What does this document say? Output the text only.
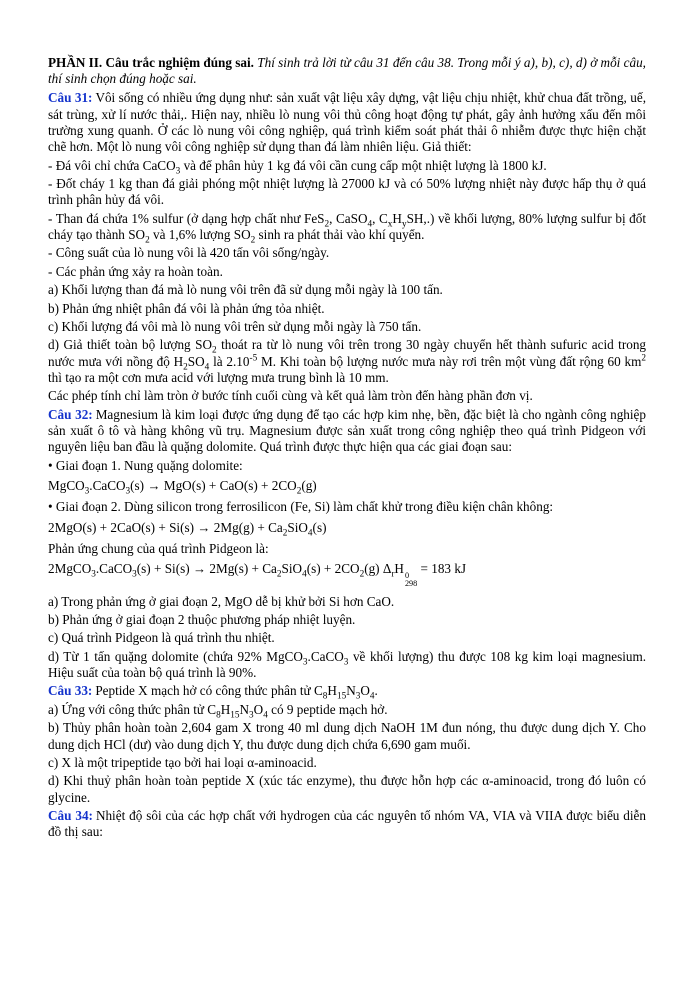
PHẦN II. Câu trắc nghiệm đúng sai. Thí sinh trả lời từ câu 31 đến câu 38. Trong mỗi ý a), b), c), d) ở mỗi câu, thí sinh chọn đúng hoặc sai.

Câu 31: Vôi sống có nhiều ứng dụng như: sản xuất vật liệu xây dựng, vật liệu chịu nhiệt, khử chua đất trồng, uế, sát trùng, xử lí nước thải,. Hiện nay, nhiều lò nung vôi thủ công hoạt động tự phát, gây ảnh hưởng xấu đến môi trường xung quanh. Ở các lò nung vôi công nghiệp, quá trình kiểm soát phát thải ô nhiễm được thực hiện chặt chẽ hơn. Một lò nung vôi công nghiệp sử dụng than đá làm nhiên liệu. Giả thiết:

- Đá vôi chỉ chứa CaCO$_3$ và để phân hủy 1 kg đá vôi cần cung cấp một nhiệt lượng là 1800 kJ.

- Đốt cháy 1 kg than đá giải phóng một nhiệt lượng là 27000 kJ và có 50% lượng nhiệt này được hấp thụ ở quá trình phân hủy đá vôi.

- Than đá chứa 1% sulfur (ở dạng hợp chất như FeS$_2$, CaSO$_4$, $C_xH_ySH$,.) về khối lượng, 80% lượng sulfur bị đốt cháy tạo thành $SO_2$ và 1,6% lượng $SO_2$ sinh ra phát thải vào khí quyển.

- Công suất của lò nung vôi là 420 tấn vôi sống/ngày.

- Các phản ứng xảy ra hoàn toàn.

a) Khối lượng than đá mà lò nung vôi trên đã sử dụng mỗi ngày là 100 tấn.

b) Phản ứng nhiệt phân đá vôi là phản ứng tỏa nhiệt.

c) Khối lượng đá vôi mà lò nung vôi trên sử dụng mỗi ngày là 750 tấn.

d) Giả thiết toàn bộ lượng $SO_2$ thoát ra từ lò nung vôi trên trong 30 ngày chuyển hết thành sufuric acid trong nước mưa với nồng độ $H_2SO_4$ là $2.10^{-5}$ M. Khi toàn bộ lượng nước mưa này rơi trên một vùng đất rộng 60 $km^2$ thì tạo ra một cơn mưa acid với lượng mưa trung bình là 10 mm.

Các phép tính chỉ làm tròn ở bước tính cuối cùng và kết quả làm tròn đến hàng phần đơn vị.

Câu 32: Magnesium là kim loại được ứng dụng để tạo các hợp kim nhẹ, bền, đặc biệt là cho ngành công nghiệp sản xuất ô tô và hàng không vũ trụ. Magnesium được sản xuất trong công nghiệp theo quá trình Pidgeon với nguyên liệu ban đầu là quặng dolomite. Quá trình được thực hiện qua các giai đoạn sau:

• Giai đoạn 1. Nung quặng dolomite:

MgCO$_3$.CaCO$_3$(s) → $MgO(s) + CaO(s) + 2CO_2(g)$

• Giai đoạn 2. Dùng silicon trong ferrosilicon (Fe, Si) làm chất khử trong điều kiện chân không:

$2MgO(s) + 2CaO(s) + Si(s) \to 2Mg(g) + Ca_2SiO_4(s)$

Phản ứng chung của quá trình Pidgeon là:

2MgCO$_3$.CaCO$_3$(s) + $Si(s) \to 2Mg(s) + Ca_2SiO_4(s) + 2CO_2(g)$ $\Delta_rH$ 0
298
= 183 kJ

a) Trong phản ứng ở giai đoạn 2, MgO dễ bị khử bởi Si hơn CaO.

b) Phản ứng ở giai đoạn 2 thuộc phương pháp nhiệt luyện.

c) Quá trình Pidgeon là quá trình thu nhiệt.

d) Từ 1 tấn quặng dolomite (chứa 92% MgCO$_3$.CaCO$_3$ về khối lượng) thu được 108 kg kim loại magnesium. Hiệu suất của toàn bộ quá trình là 90%.

Câu 33: Peptide X mạch hở có công thức phân tử $C_8H_{15}N_3O_4$.

a) Ứng với công thức phân tử $C_8H_{15}N_3O_4$ có 9 peptide mạch hở.

b) Thủy phân hoàn toàn 2,604 gam X trong 40 ml dung dịch NaOH 1M đun nóng, thu được dung dịch Y. Cho dung dịch HCl (dư) vào dung dịch Y, thu được dung dịch chứa 6,690 gam muối.

c) X là một tripeptide tạo bởi hai loại α-aminoacid.

d) Khi thuỷ phân hoàn toàn peptide X (xúc tác enzyme), thu được hỗn hợp các α-aminoacid, trong đó luôn có glycine.

Câu 34: Nhiệt độ sôi của các hợp chất với hydrogen của các nguyên tố nhóm VA, VIA và VIIA được biểu diễn đồ thị sau:
